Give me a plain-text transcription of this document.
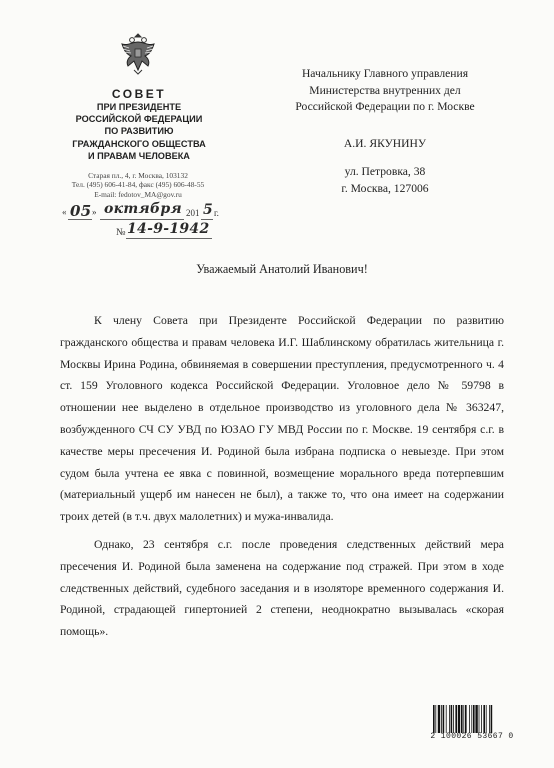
СОВЕТ
ПРИ ПРЕЗИДЕНТЕ
РОССИЙСКОЙ ФЕДЕРАЦИИ
ПО РАЗВИТИЮ
ГРАЖДАНСКОГО ОБЩЕСТВА
И ПРАВАМ ЧЕЛОВЕКА
Старая пл., 4, г. Москва, 103132
Тел. (495) 606-41-84, факс (495) 606-48-55
E-mail: fedotov_MA@gov.ru
« 05 » октября 201 5 г.
№ 14-9-1942
Начальнику Главного управления
Министерства внутренних дел
Российской Федерации по г. Москве
А.И. ЯКУНИНУ
ул. Петровка, 38
г. Москва, 127006
Уважаемый Анатолий Иванович!

К члену Совета при Президенте Российской Федерации по развитию гражданского общества и правам человека И.Г. Шаблинскому обратилась жительница г. Москвы Ирина Родина, обвиняемая в совершении преступления, предусмотренного ч. 4 ст. 159 Уголовного кодекса Российской Федерации. Уголовное дело № 59798 в отношении нее выделено в отдельное производство из уголовного дела № 363247, возбужденного СЧ СУ УВД по ЮЗАО ГУ МВД России по г. Москве. 19 сентября с.г. в качестве меры пресечения И. Родиной была избрана подписка о невыезде. При этом судом была учтена ее явка с повинной, возмещение морального вреда потерпевшим (материальный ущерб им нанесен не был), а также то, что она имеет на содержании троих детей (в т.ч. двух малолетних) и мужа-инвалида.

Однако, 23 сентября с.г. после проведения следственных действий мера пресечения И. Родиной была заменена на содержание под стражей. При этом в ходе следственных действий, судебного заседания и в изоляторе временного содержания И. Родиной, страдающей гипертонией 2 степени, неоднократно вызывалась «скорая помощь».

2 100026 53667 0
